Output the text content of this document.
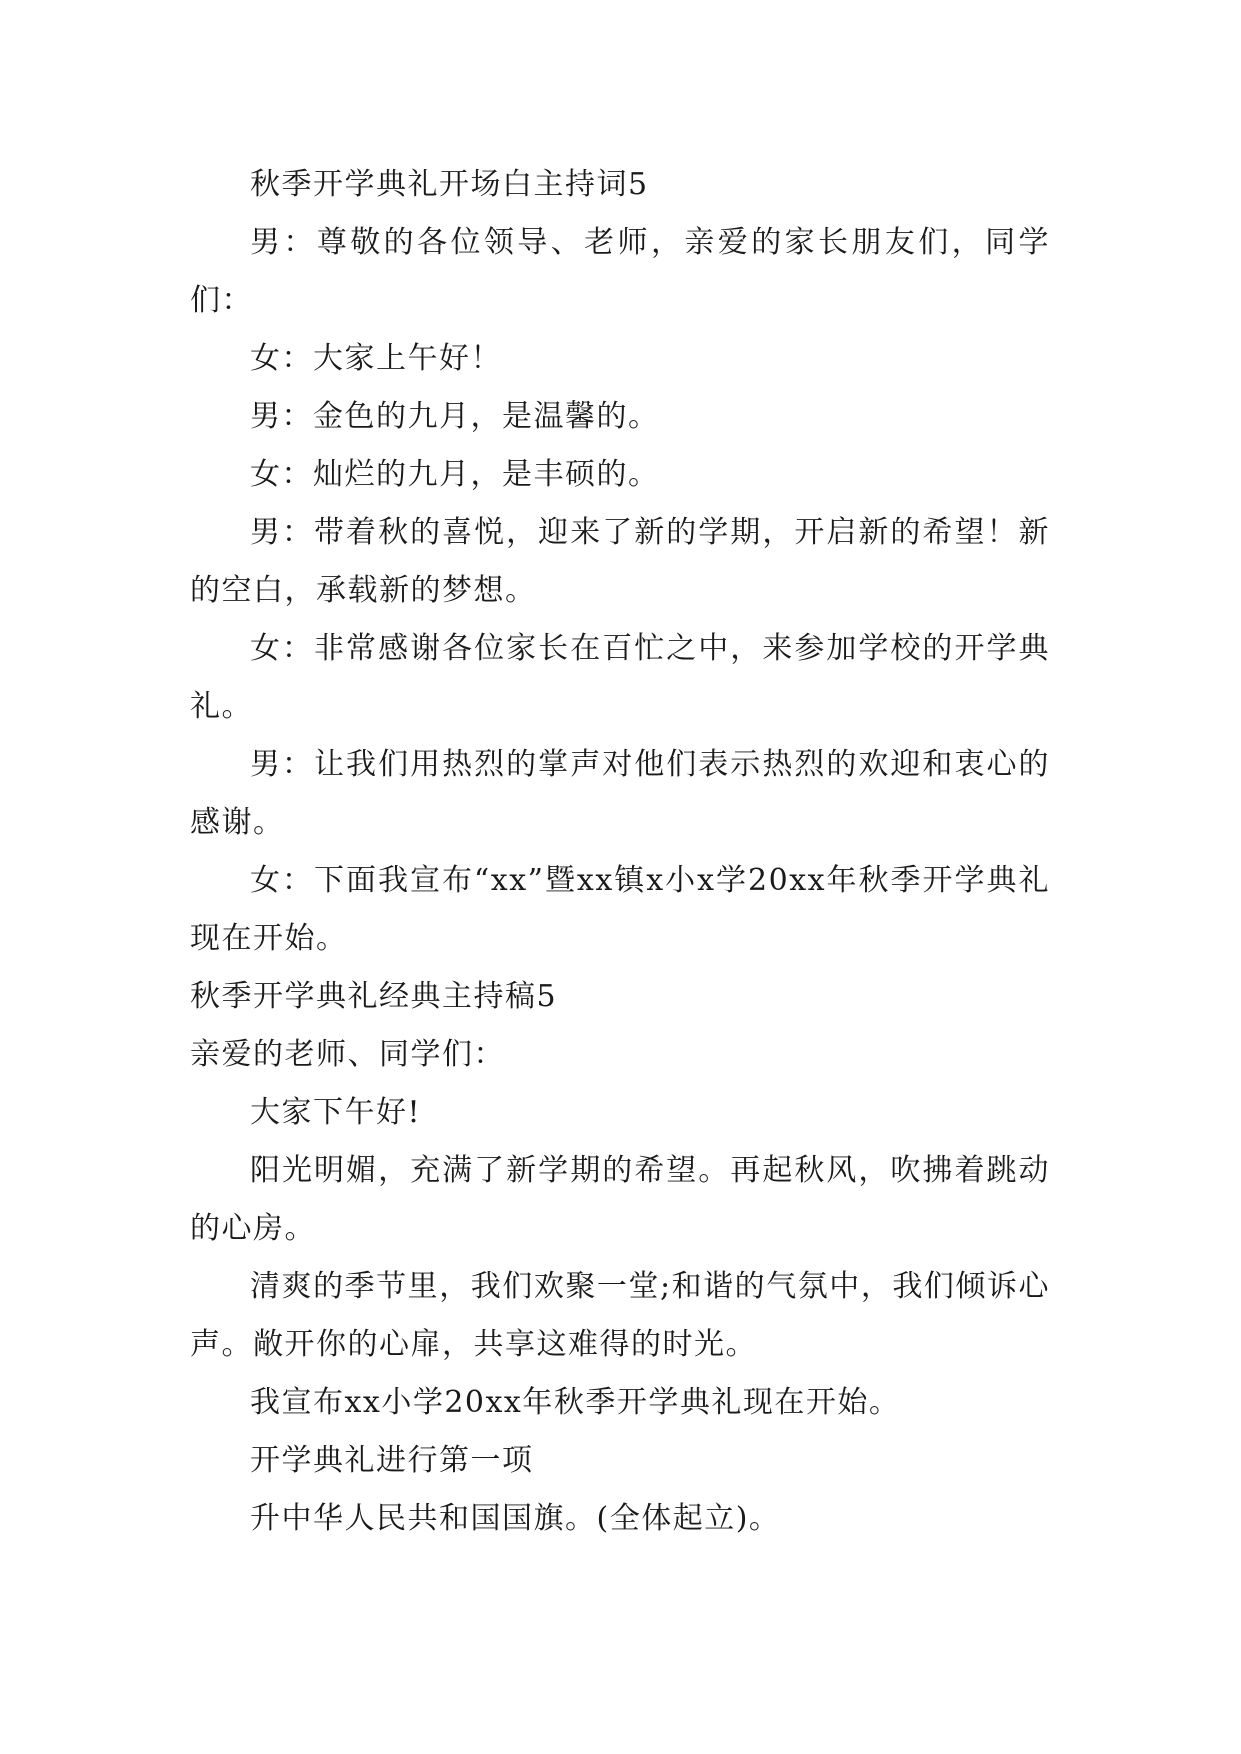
秋季开学典礼开场白主持词5

男：尊敬的各位领导、老师，亲爱的家长朋友们，同学们：

女：大家上午好！

男：金色的九月，是温馨的。

女：灿烂的九月，是丰硕的。

男：带着秋的喜悦，迎来了新的学期，开启新的希望！新的空白，承载新的梦想。

女：非常感谢各位家长在百忙之中，来参加学校的开学典礼。

男：让我们用热烈的掌声对他们表示热烈的欢迎和衷心的感谢。

女：下面我宣布“xx”暨xx镇x小x学20xx年秋季开学典礼现在开始。

秋季开学典礼经典主持稿5

亲爱的老师、同学们：

大家下午好!

阳光明媚，充满了新学期的希望。再起秋风，吹拂着跳动的心房。

清爽的季节里，我们欢聚一堂;和谐的气氛中，我们倾诉心声。敞开你的心扉，共享这难得的时光。

我宣布xx小学20xx年秋季开学典礼现在开始。

开学典礼进行第一项

升中华人民共和国国旗。(全体起立)。
